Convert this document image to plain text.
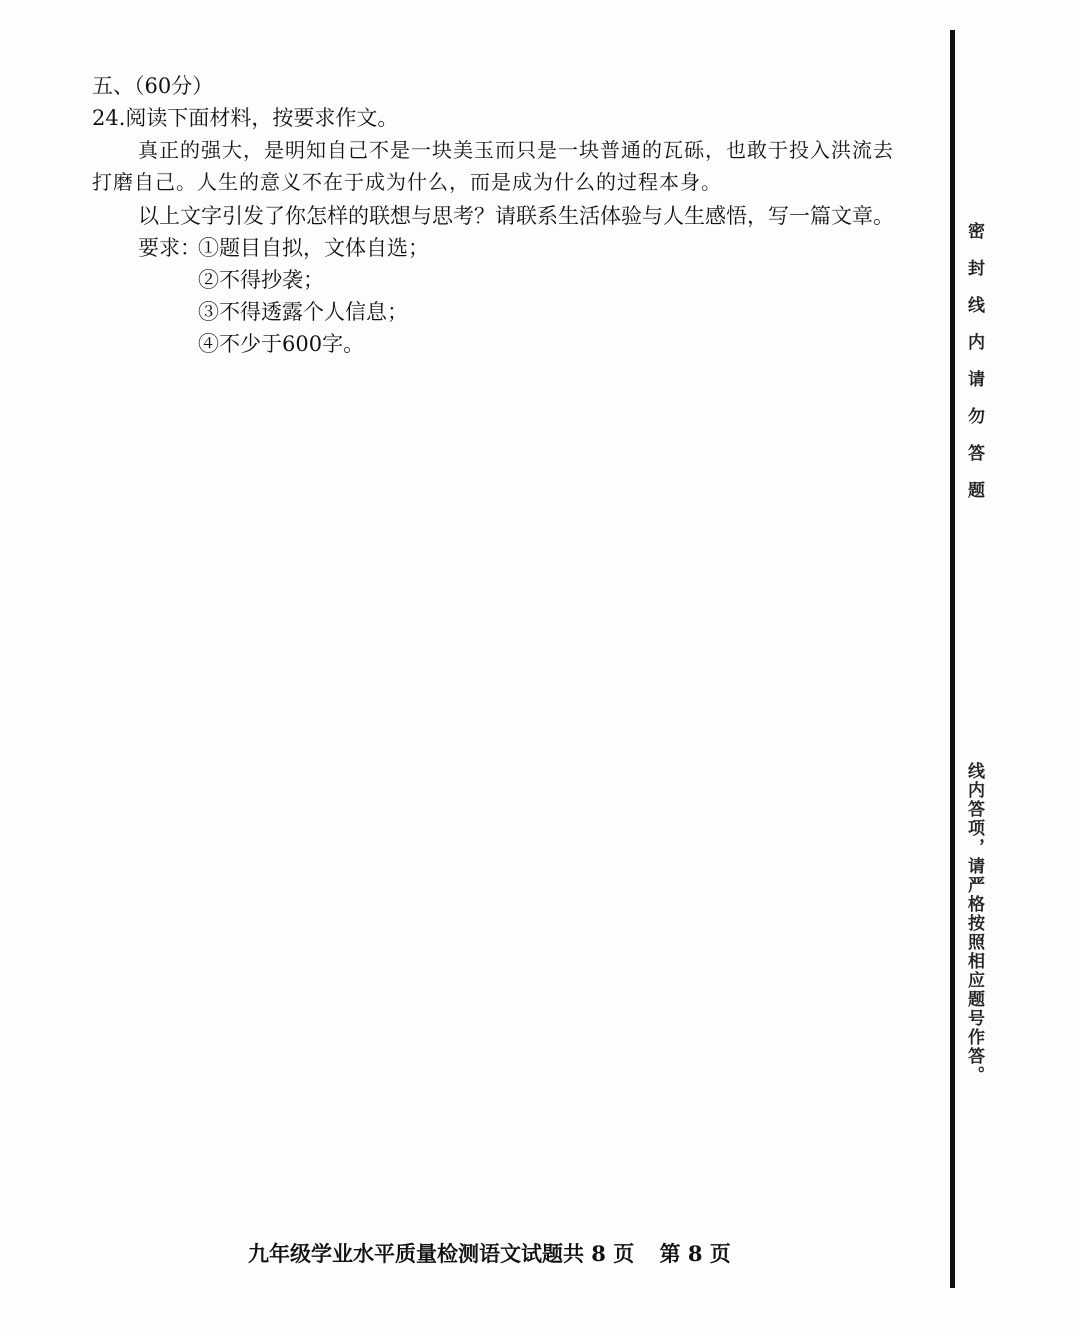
五、（60分）
24.阅读下面材料，按要求作文。
真正的强大，是明知自己不是一块美玉而只是一块普通的瓦砾，也敢于投入洪流去
打磨自己。人生的意义不在于成为什么，而是成为什么的过程本身。
以上文字引发了你怎样的联想与思考？请联系生活体验与人生感悟，写一篇文章。
要求：
①题目自拟，文体自选；
②不得抄袭；
③不得透露个人信息；
④不少于600字。	密封线内请勿答题
线内答项，请严格按照相应题号作答。
九年级学业水平质量检测语文试题共 8 页 第 8 页
